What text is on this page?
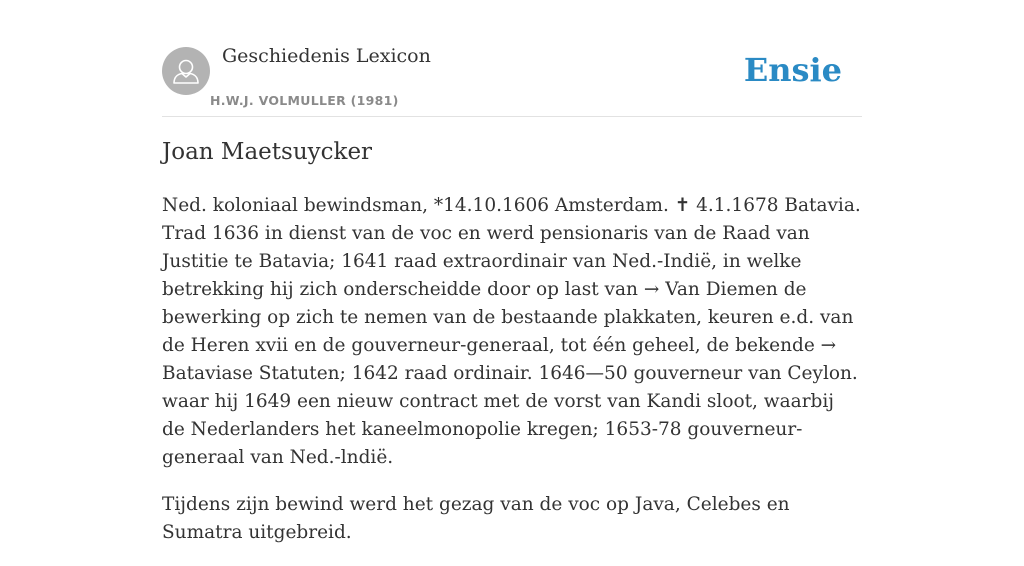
Geschiedenis Lexicon
H.W.J. VOLMULLER (1981)
Ensie
Joan Maetsuycker

Ned. koloniaal bewindsman, *14.10.1606 Amsterdam. ✝ 4.1.1678 Batavia. Trad 1636 in dienst van de voc en werd pensionaris van de Raad van Justitie te Batavia; 1641 raad extraordinair van Ned.-Indië, in welke betrekking hij zich onderscheidde door op last van → Van Diemen de bewerking op zich te nemen van de bestaande plakkaten, keuren e.d. van de Heren xvii en de gouverneur-generaal, tot één geheel, de bekende → Bataviase Statuten; 1642 raad ordinair. 1646—50 gouverneur van Ceylon. waar hij 1649 een nieuw contract met de vorst van Kandi sloot, waarbij de Nederlanders het kaneelmonopolie kregen; 1653-78 gouverneur-generaal van Ned.-lndië.

Tijdens zijn bewind werd het gezag van de voc op Java, Celebes en Sumatra uitgebreid.
